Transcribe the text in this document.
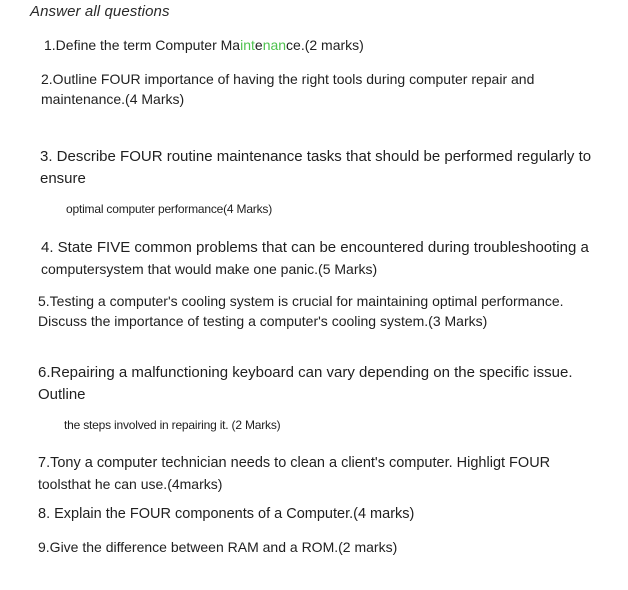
Answer all questions
1.Define the term Computer Maintenance.(2 marks)
2.Outline FOUR importance of having the right tools during computer repair and
maintenance.(4 Marks)
3. Describe FOUR routine maintenance tasks that should be performed regularly to
ensure
optimal computer performance(4 Marks)
4. State FIVE common problems that can be encountered during troubleshooting a
computersystem that would make one panic.(5 Marks)
5.Testing a computer's cooling system is crucial for maintaining optimal performance.
Discuss the importance of testing a computer's cooling system.(3 Marks)
6.Repairing a malfunctioning keyboard can vary depending on the specific issue.
Outline
the steps involved in repairing it. (2 Marks)
7.Tony a computer technician needs to clean a client's computer. Highligt FOUR
toolsthat he can use.(4marks)
8. Explain the FOUR components of a Computer.(4 marks)
9.Give the difference between RAM and a ROM.(2 marks)
